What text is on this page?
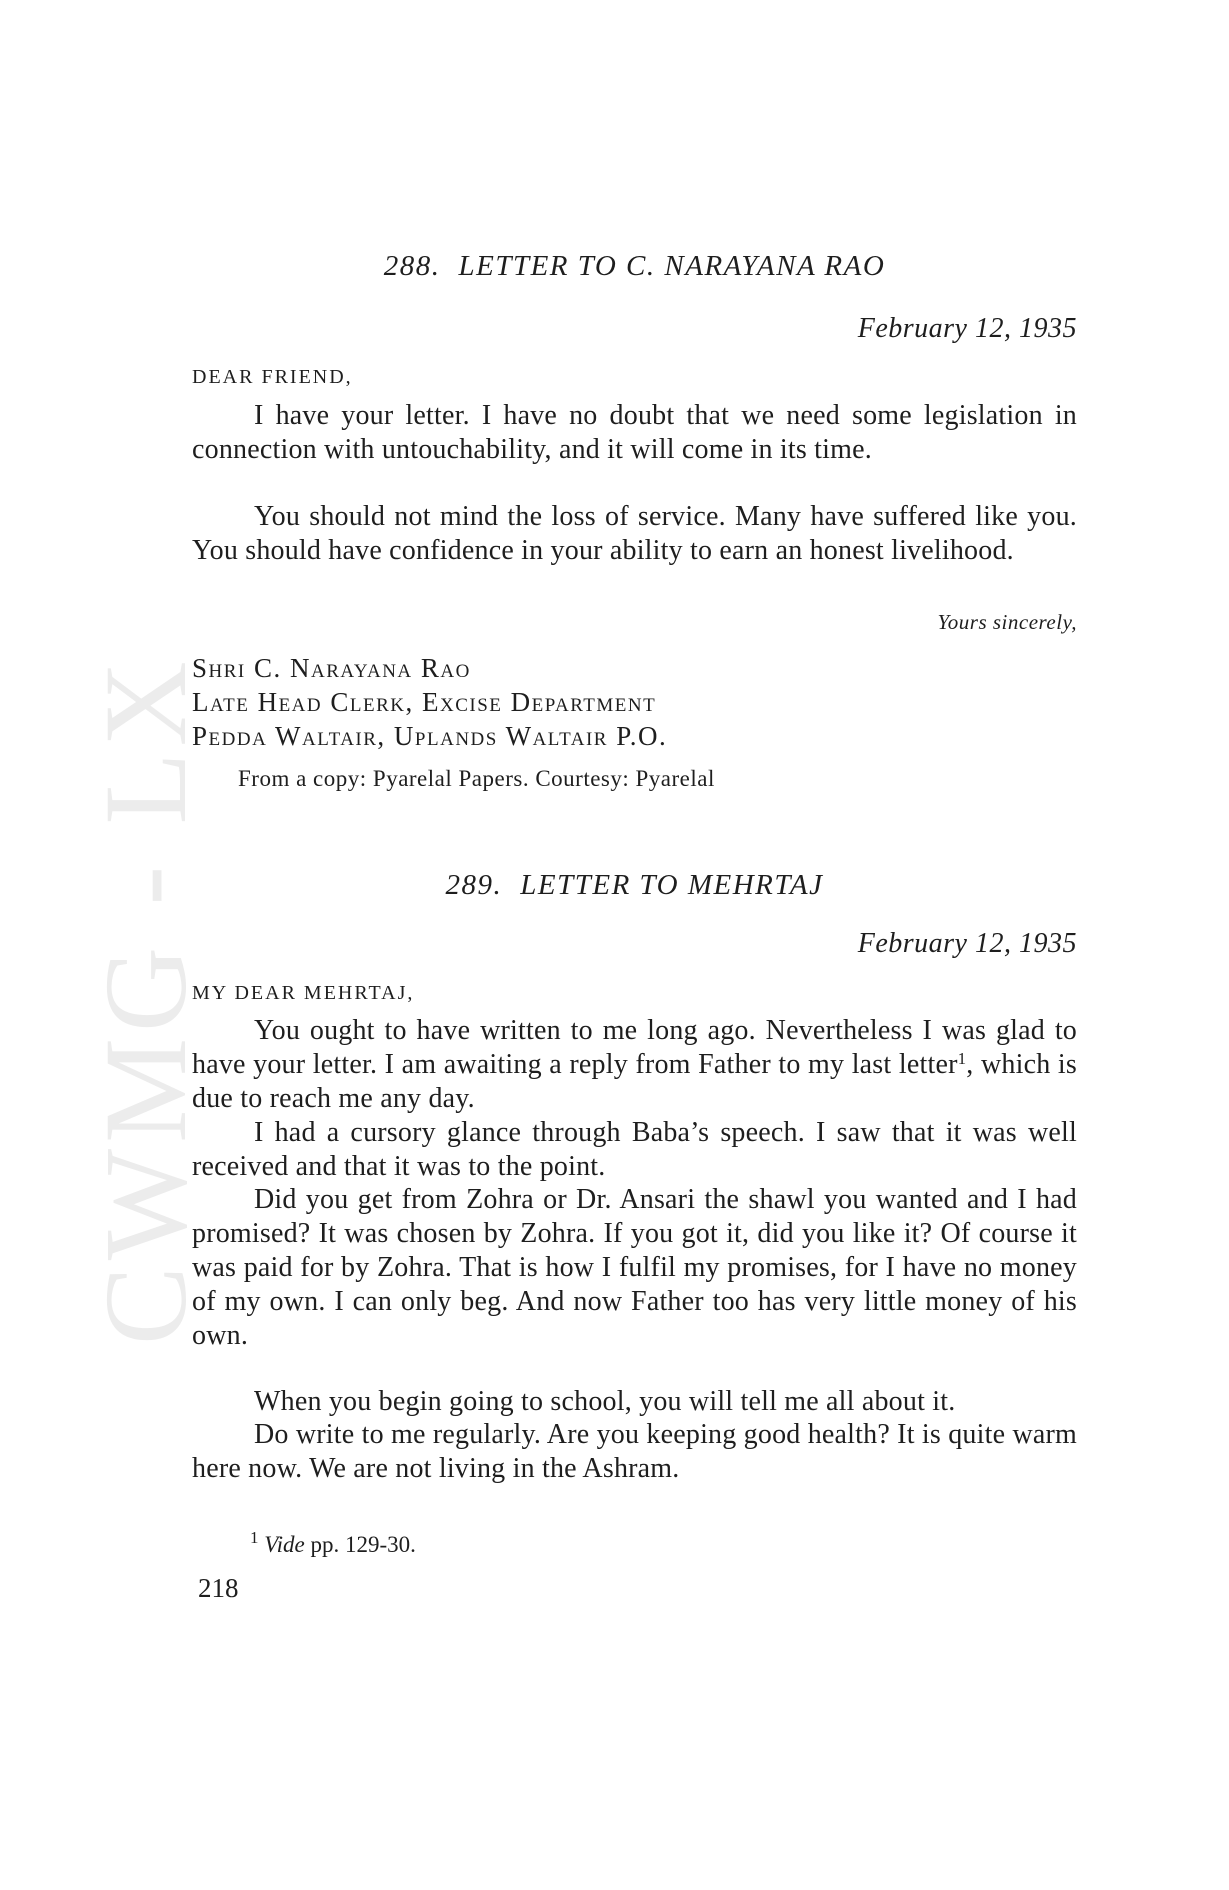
CWMG - LX
288. LETTER TO C. NARAYANA RAO
February 12, 1935
DEAR FRIEND,

I have your letter. I have no doubt that we need some legislation in connection with untouchability, and it will come in its time.

You should not mind the loss of service. Many have suffered like you. You should have confidence in your ability to earn an honest livelihood.

Yours sincerely,
Shri C. Narayana Rao
Late Head Clerk, Excise Department
Pedda Waltair, Uplands Waltair P.O.
From a copy: Pyarelal Papers. Courtesy: Pyarelal
289. LETTER TO MEHRTAJ
February 12, 1935
MY DEAR MEHRTAJ,

You ought to have written to me long ago. Nevertheless I was glad to have your letter. I am awaiting a reply from Father to my last letter$^1$, which is due to reach me any day.

I had a cursory glance through Baba’s speech. I saw that it was well received and that it was to the point.

Did you get from Zohra or Dr. Ansari the shawl you wanted and I had promised? It was chosen by Zohra. If you got it, did you like it? Of course it was paid for by Zohra. That is how I fulfil my promises, for I have no money of my own. I can only beg. And now Father too has very little money of his own.

When you begin going to school, you will tell me all about it.

Do write to me regularly. Are you keeping good health? It is quite warm here now. We are not living in the Ashram.

$^1$ Vide pp. 129-30.
218
